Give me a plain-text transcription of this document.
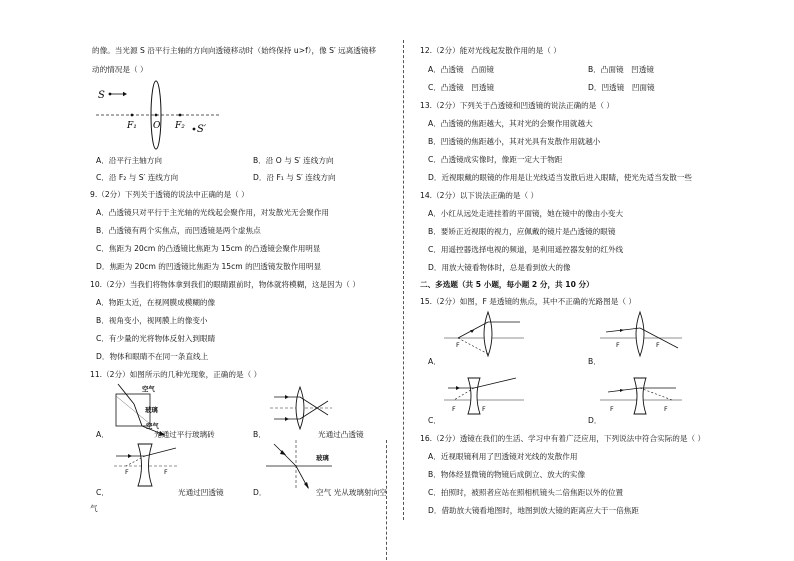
的像。当光源 S 沿平行主轴的方向向透镜移动时（始终保持 u>f），像 S′ 远离透镜移
动的情况是（ ）
S
F₁ O F₂ S′
A．沿平行主轴方向	B．沿 O 与 S′ 连线方向
C．沿 F₂ 与 S′ 连线方向	D．沿 F₁ 与 S′ 连线方向
9.（2分）下列关于透镜的说法中正确的是（ ）
A．凸透镜只对平行于主光轴的光线起会聚作用，对发散光无会聚作用
B．凸透镜有两个实焦点，而凹透镜是两个虚焦点
C．焦距为 20cm 的凸透镜比焦距为 15cm 的凸透镜会聚作用明显
D．焦距为 20cm 的凹透镜比焦距为 15cm 的凹透镜发散作用明显
10.（2分）当我们将物体拿到我们的眼睛跟前时，物体就将模糊，这是因为（ ）
A．物距太近，在视网膜成模糊的像
B．视角变小，视网膜上的像变小
C．有少量的光将物体反射入到眼睛
D．物体和眼睛不在同一条直线上
11.（2分）如图所示的几种光现象，正确的是（ ）
空气
玻璃
空气
A．	光通过平行玻璃砖	B．	光通过凸透镜
F	F
C．	光通过凹透镜
玻璃
D．	空气 光从玻璃射向空
气
12.（2分）能对光线起发散作用的是（ ）
A．凸透镜　凸面镜	B．凸面镜　凹透镜
C．凸透镜　凹透镜	D．凹透镜　凹面镜
13.（2分）下列关于凸透镜和凹透镜的说法正确的是（ ）
A．凸透镜的焦距越大，其对光的会聚作用就越大
B．凹透镜的焦距越小，其对光具有发散作用就越小
C．凸透镜成实像时，像距一定大于物距
D．近视眼戴的眼镜的作用是让光线适当发散后进入眼睛，使光先适当发散一些
14.（2分）以下说法正确的是（ ）
A．小红从远处走进挂着的平面镜，她在镜中的像由小变大
B．要矫正近视眼的视力，应佩戴的镜片是凸透镜的眼镜
C．用遥控器选择电视的频道，是利用遥控器发射的红外线
D．用放大镜看物体时，总是看到放大的像
二、多选题（共 5 小题，每小题 2 分，共 10 分）
15.（2分）如图，F 是透镜的焦点，其中不正确的光路图是（ ）
F
A．
F	F
B．
F	F
C．
F	F
D．
16.（2分）透镜在我们的生活、学习中有着广泛应用，下列说法中符合实际的是（ ）
A．近视眼镜利用了凹透镜对光线的发散作用
B．物体经显微镜的物镜后成倒立、放大的实像
C．拍照时，被照者应站在照相机镜头二倍焦距以外的位置
D．借助放大镜看地图时，地图到放大镜的距离应大于一倍焦距
